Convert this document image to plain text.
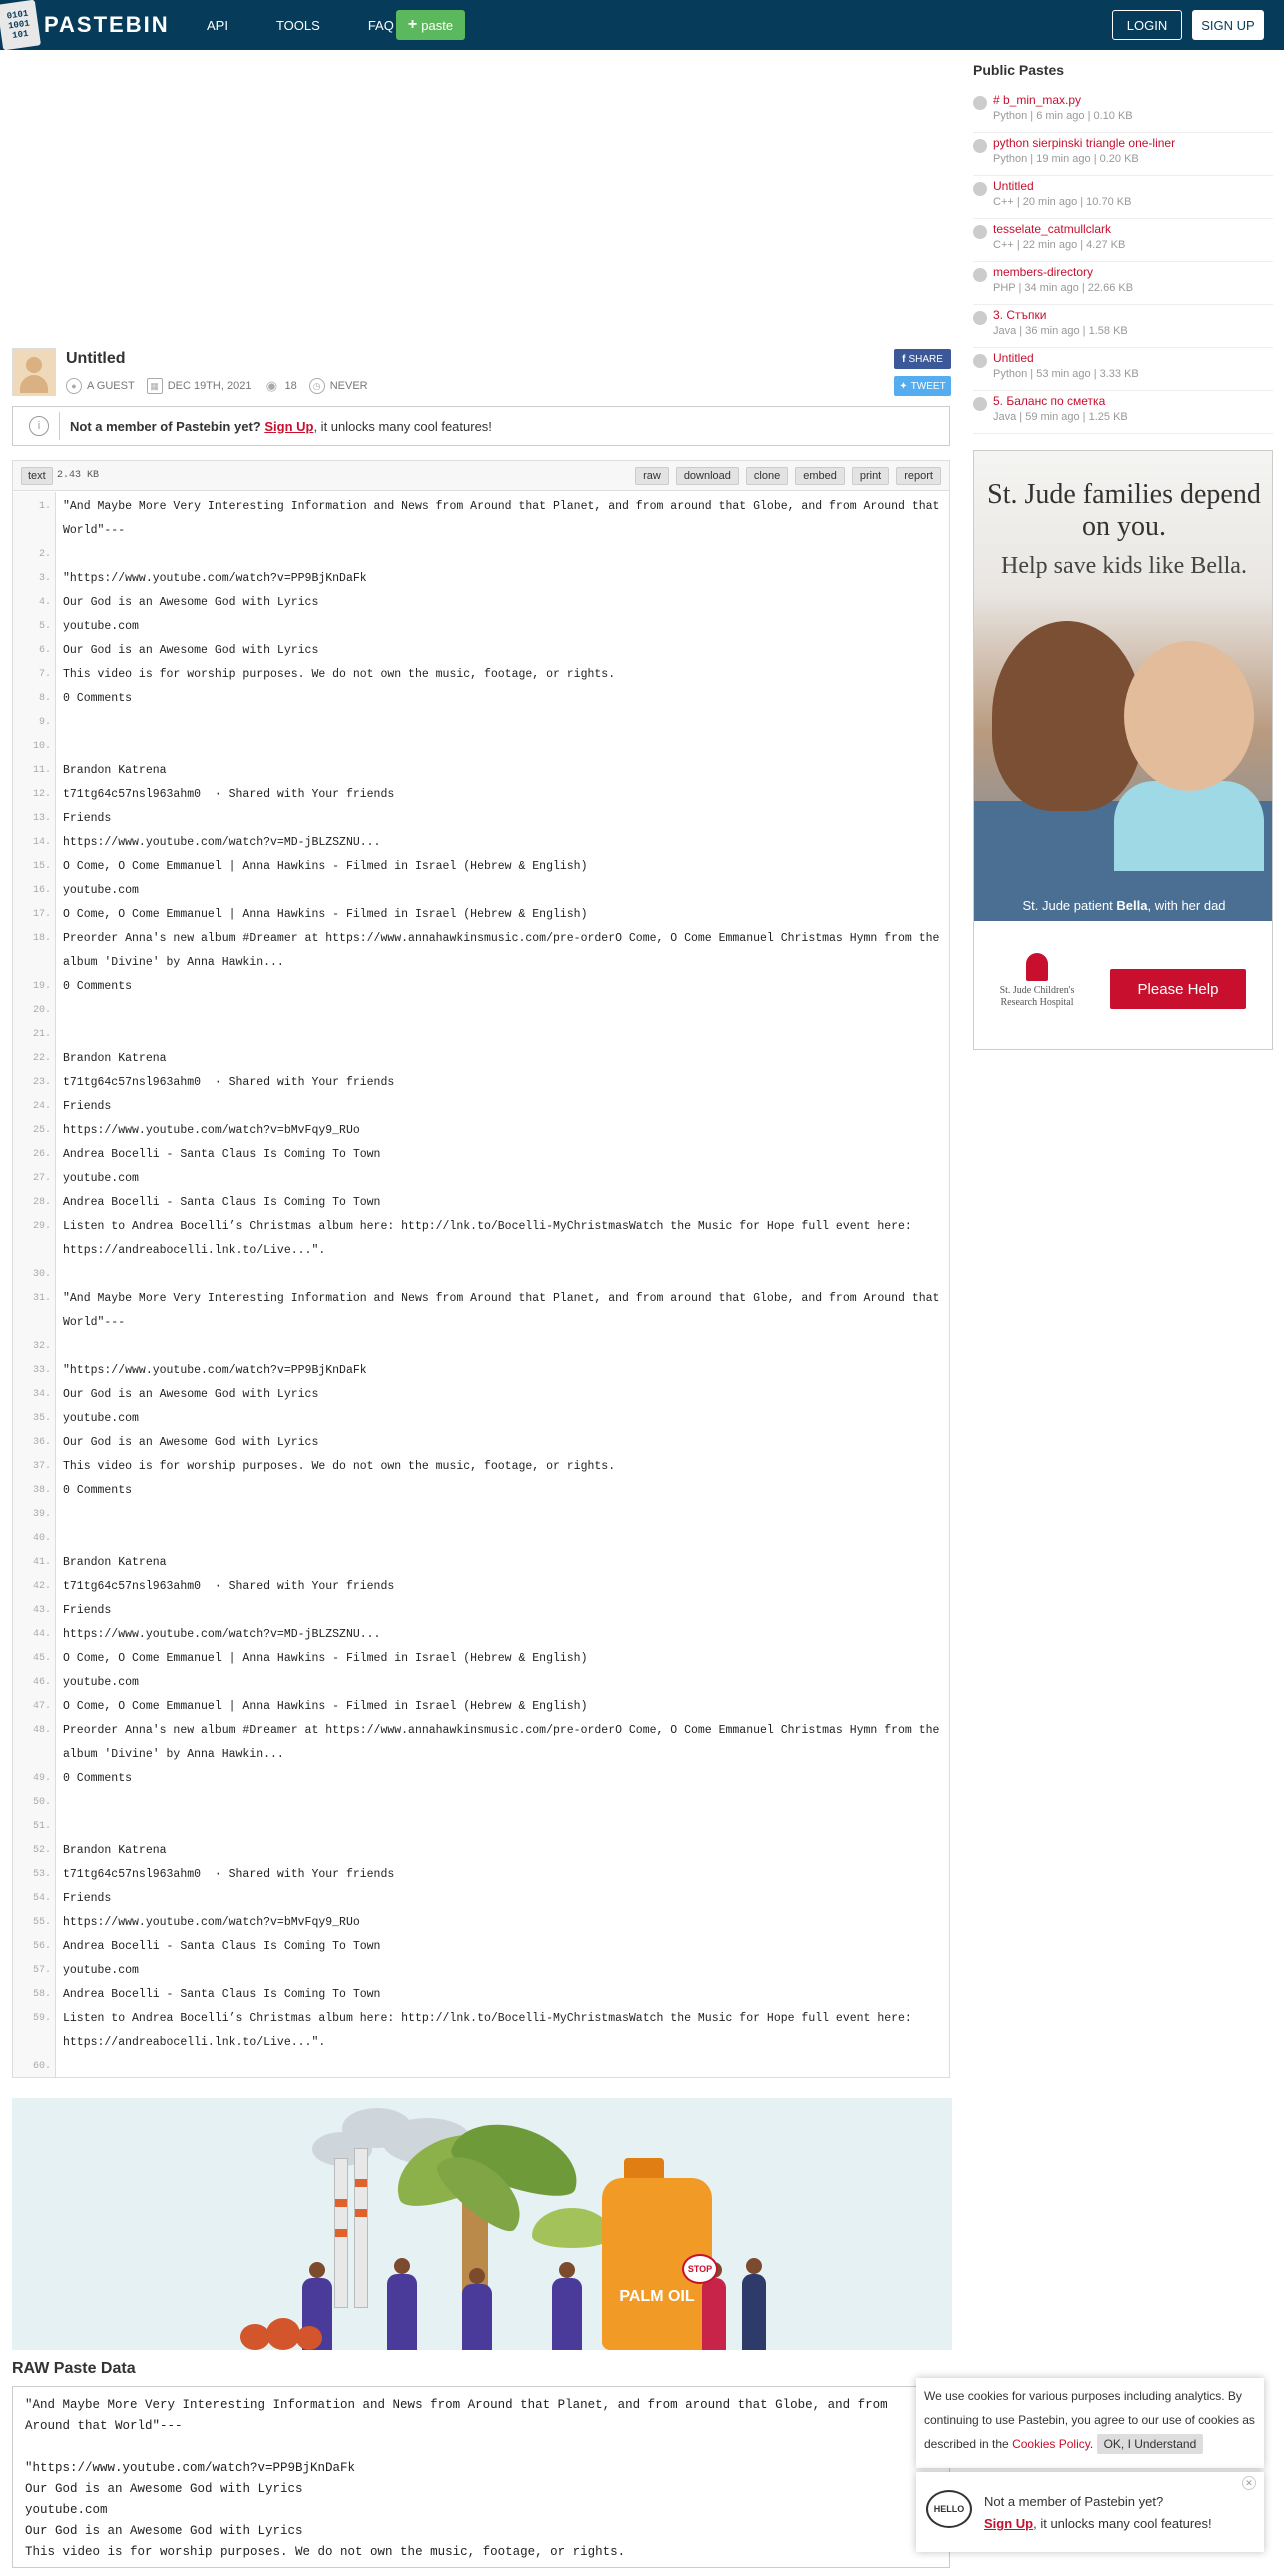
0101 1001 101 PASTEBIN	API	TOOLS	FAQ + paste	LOGIN	SIGN UP
Untitled
● A GUEST	▦ DEC 19TH, 2021 ◉ 18	◷ NEVER
f SHARE
✦ TWEET
i	Not a member of Pastebin yet?
Sign Up , it unlocks many cool features!
text	2.43 KB	raw	download	clone	embed	print	report
1.	"And Maybe More Very Interesting Information and News from Around that Planet, and from around that Globe, and from Around that World"---
2.
3.	"https://www.youtube.com/watch?v=PP9BjKnDaFk
4.	Our God is an Awesome God with Lyrics
5.	youtube.com
6.	Our God is an Awesome God with Lyrics
7.	This video is for worship purposes. We do not own the music, footage, or rights.
8.	0 Comments
9.
10.
11.	Brandon Katrena
12.	t71tg64c57nsl963ahm0  · Shared with Your friends
13.	Friends
14.	https://www.youtube.com/watch?v=MD-jBLZSZNU...
15.	O Come, O Come Emmanuel | Anna Hawkins - Filmed in Israel (Hebrew & English)
16.	youtube.com
17.	O Come, O Come Emmanuel | Anna Hawkins - Filmed in Israel (Hebrew & English)
18.	Preorder Anna's new album #Dreamer at https://www.annahawkinsmusic.com/pre-orderO Come, O Come Emmanuel Christmas Hymn from the album 'Divine' by Anna Hawkin...
19.	0 Comments
20.
21.
22.	Brandon Katrena
23.	t71tg64c57nsl963ahm0  · Shared with Your friends
24.	Friends
25.	https://www.youtube.com/watch?v=bMvFqy9_RUo
26.	Andrea Bocelli - Santa Claus Is Coming To Town
27.	youtube.com
28.	Andrea Bocelli - Santa Claus Is Coming To Town
29.	Listen to Andrea Bocelli’s Christmas album here: http://lnk.to/Bocelli-MyChristmasWatch the Music for Hope full event here: https://andreabocelli.lnk.to/Live...".
30.
31.	"And Maybe More Very Interesting Information and News from Around that Planet, and from around that Globe, and from Around that World"---
32.
33.	"https://www.youtube.com/watch?v=PP9BjKnDaFk
34.	Our God is an Awesome God with Lyrics
35.	youtube.com
36.	Our God is an Awesome God with Lyrics
37.	This video is for worship purposes. We do not own the music, footage, or rights.
38.	0 Comments
39.
40.
41.	Brandon Katrena
42.	t71tg64c57nsl963ahm0  · Shared with Your friends
43.	Friends
44.	https://www.youtube.com/watch?v=MD-jBLZSZNU...
45.	O Come, O Come Emmanuel | Anna Hawkins - Filmed in Israel (Hebrew & English)
46.	youtube.com
47.	O Come, O Come Emmanuel | Anna Hawkins - Filmed in Israel (Hebrew & English)
48.	Preorder Anna's new album #Dreamer at https://www.annahawkinsmusic.com/pre-orderO Come, O Come Emmanuel Christmas Hymn from the album 'Divine' by Anna Hawkin...
49.	0 Comments
50.
51.
52.	Brandon Katrena
53.	t71tg64c57nsl963ahm0  · Shared with Your friends
54.	Friends
55.	https://www.youtube.com/watch?v=bMvFqy9_RUo
56.	Andrea Bocelli - Santa Claus Is Coming To Town
57.	youtube.com
58.	Andrea Bocelli - Santa Claus Is Coming To Town
59.	Listen to Andrea Bocelli’s Christmas album here: http://lnk.to/Bocelli-MyChristmasWatch the Music for Hope full event here: https://andreabocelli.lnk.to/Live...".
60.
Public Pastes
# b_min_max.py
Python | 6 min ago | 0.10 KB
python sierpinski triangle one-liner
Python | 19 min ago | 0.20 KB
Untitled
C++ | 20 min ago | 10.70 KB
tesselate_catmullclark
C++ | 22 min ago | 4.27 KB
members-directory
PHP | 34 min ago | 22.66 KB
3. Стъпки
Java | 36 min ago | 1.58 KB
Untitled
Python | 53 min ago | 3.33 KB
5. Баланс по сметка
Java | 59 min ago | 1.25 KB
St. Jude families depend on you.
Help save kids like Bella.
St. Jude patient Bella, with her dad
St. Jude Children's
Research Hospital
Please Help
PALM OIL
STOP
RAW Paste Data
"And Maybe More Very Interesting Information and News from Around that Planet, and from around that Globe, and from Around that World"---
"https://www.youtube.com/watch?v=PP9BjKnDaFk
Our God is an Awesome God with Lyrics
youtube.com
Our God is an Awesome God with Lyrics
This video is for worship purposes. We do not own the music, footage, or rights.
We use cookies for various purposes including analytics. By continuing to use Pastebin, you agree to our use of cookies as described in the Cookies Policy. OK, I Understand
HELLO	Not a member of Pastebin yet?
Sign Up, it unlocks many cool features!
✕
